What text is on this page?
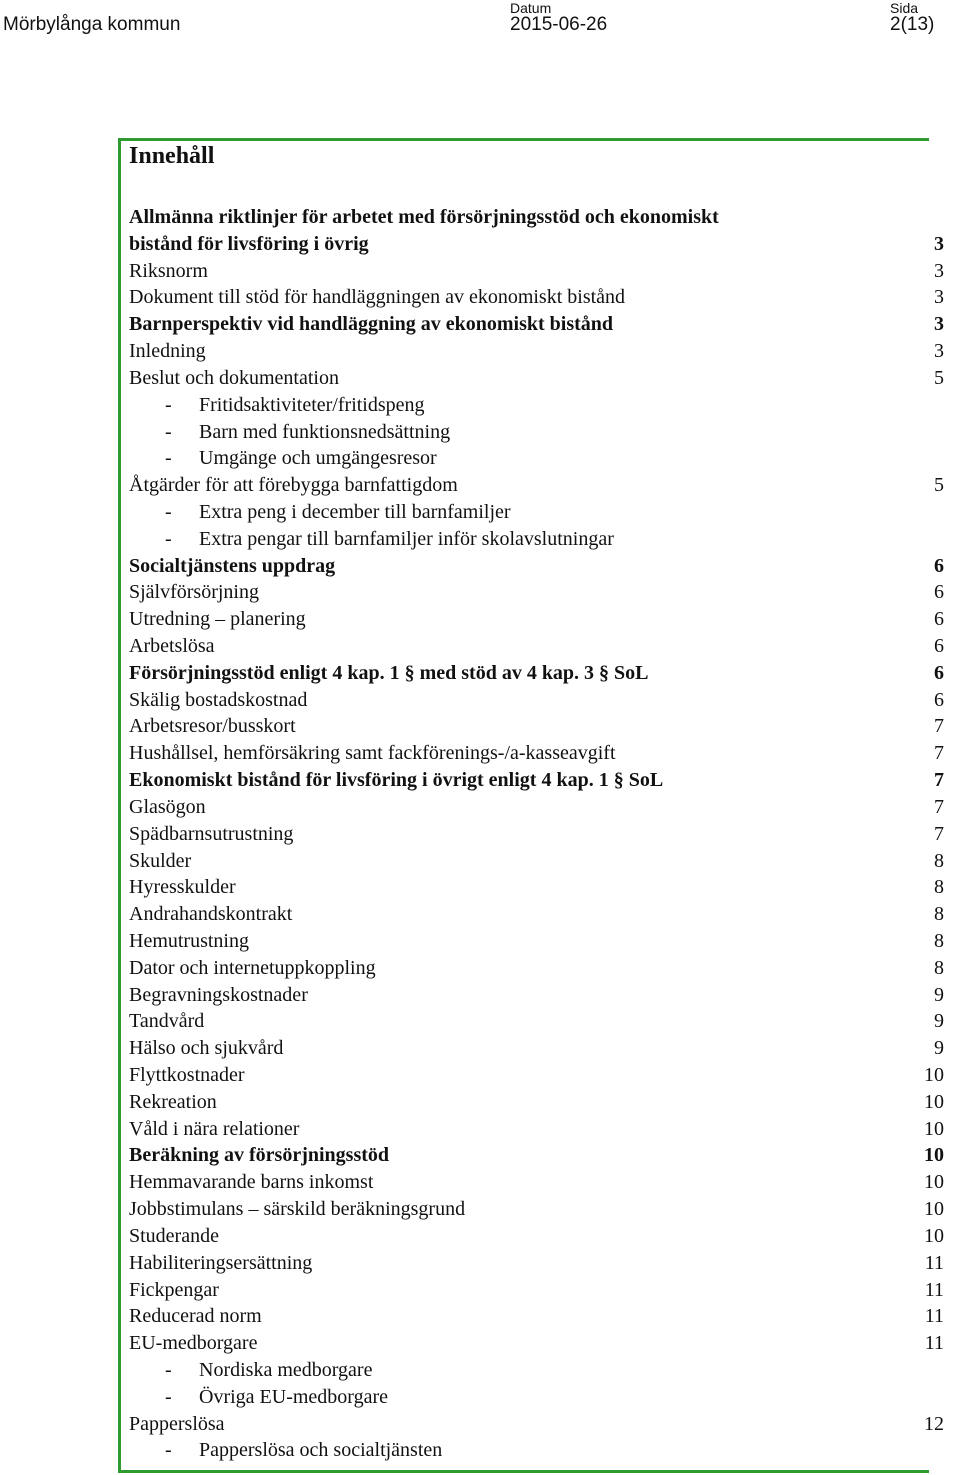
Mörbylånga kommun
Datum
2015-06-26
Sida
2(13)
Innehåll
Allmänna riktlinjer för arbetet med försörjningsstöd och ekonomiskt
bistånd för livsföring i övrig	3
Riksnorm	3
Dokument till stöd för handläggningen av ekonomiskt bistånd	3
Barnperspektiv vid handläggning av ekonomiskt bistånd	3
Inledning	3
Beslut och dokumentation	5
- Fritidsaktiviteter/fritidspeng
- Barn med funktionsnedsättning
- Umgänge och umgängesresor
Åtgärder för att förebygga barnfattigdom	5
- Extra peng i december till barnfamiljer
- Extra pengar till barnfamiljer inför skolavslutningar
Socialtjänstens uppdrag	6
Självförsörjning	6
Utredning – planering	6
Arbetslösa	6
Försörjningsstöd enligt 4 kap. 1 § med stöd av 4 kap. 3 § SoL	6
Skälig bostadskostnad	6
Arbetsresor/busskort	7
Hushållsel, hemförsäkring samt fackförenings-/a-kasseavgift	7
Ekonomiskt bistånd för livsföring i övrigt enligt 4 kap. 1 § SoL	7
Glasögon	7
Spädbarnsutrustning	7
Skulder	8
Hyresskulder	8
Andrahandskontrakt	8
Hemutrustning	8
Dator och internetuppkoppling	8
Begravningskostnader	9
Tandvård	9
Hälso och sjukvård	9
Flyttkostnader	10
Rekreation	10
Våld i nära relationer	10
Beräkning av försörjningsstöd	10
Hemmavarande barns inkomst	10
Jobbstimulans – särskild beräkningsgrund	10
Studerande	10
Habiliteringsersättning	11
Fickpengar	11
Reducerad norm	11
EU-medborgare	11
- Nordiska medborgare
- Övriga EU-medborgare
Papperslösa	12
- Papperslösa och socialtjänsten
